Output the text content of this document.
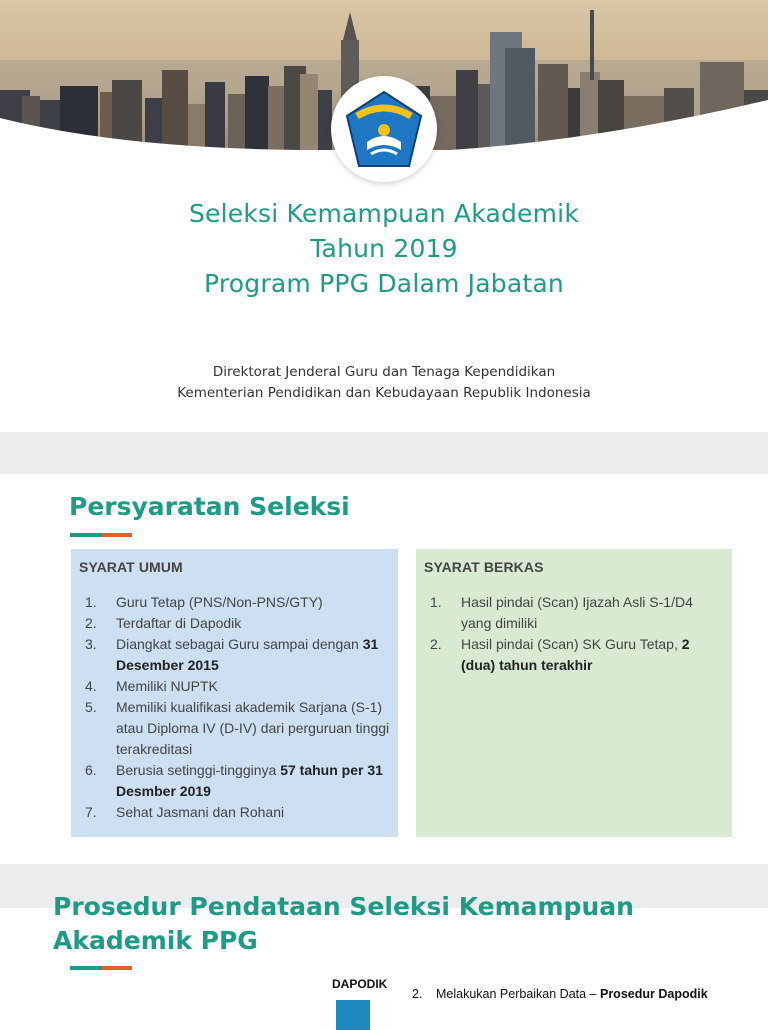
Seleksi Kemampuan Akademik
Tahun 2019
Program PPG Dalam Jabatan
Direktorat Jenderal Guru dan Tenaga Kependidikan
Kementerian Pendidikan dan Kebudayaan Republik Indonesia
Persyaratan Seleksi
SYARAT UMUM
1. Guru Tetap (PNS/Non-PNS/GTY)
2. Terdaftar di Dapodik
3. Diangkat sebagai Guru sampai dengan 31 Desember 2015
4. Memiliki NUPTK
5. Memiliki kualifikasi akademik Sarjana (S-1) atau Diploma IV (D-IV) dari perguruan tinggi terakreditasi
6. Berusia setinggi-tingginya 57 tahun per 31 Desmber 2019
7. Sehat Jasmani dan Rohani
SYARAT BERKAS
1. Hasil pindai (Scan) Ijazah Asli S-1/D4 yang dimiliki
2. Hasil pindai (Scan) SK Guru Tetap, 2 (dua) tahun terakhir
Prosedur Pendataan Seleksi Kemampuan
Akademik PPG
DAPODIK
2. Melakukan Perbaikan Data – Prosedur Dapodik
